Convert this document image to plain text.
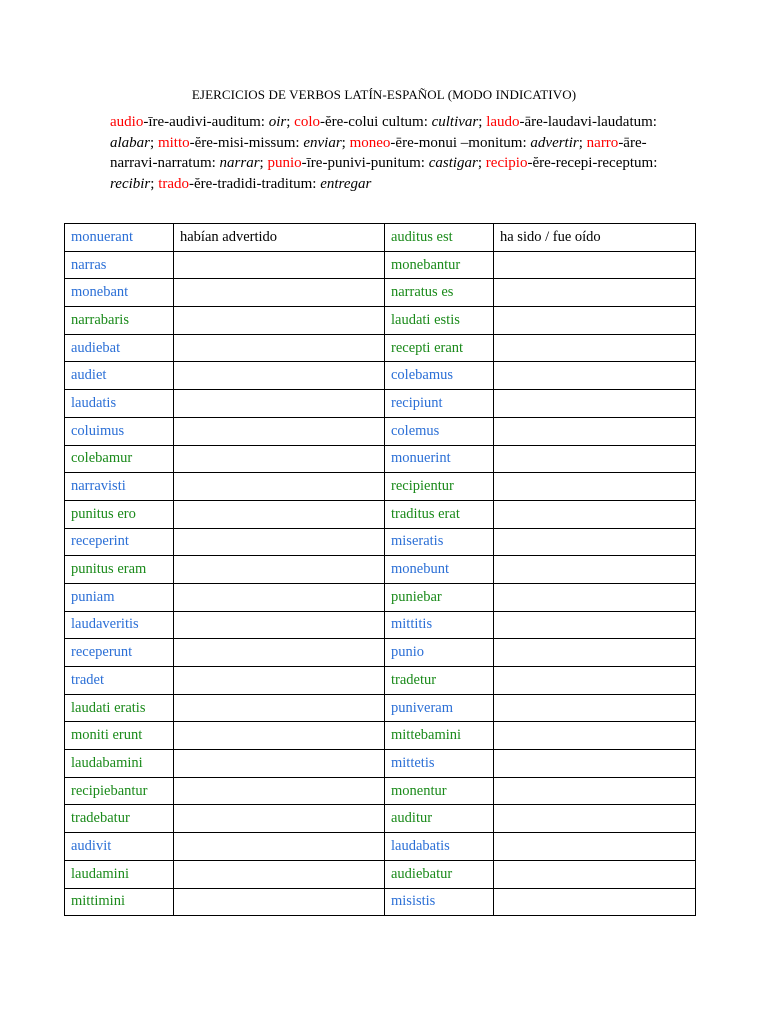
EJERCICIOS DE VERBOS LATÍN-ESPAÑOL (MODO INDICATIVO)
audio-īre-audivi-auditum: oir; colo-ĕre-colui cultum: cultivar; laudo-āre-laudavi-laudatum: alabar; mitto-ĕre-misi-missum: enviar; moneo-ēre-monui –monitum: advertir; narro-āre-narravi-narratum: narrar; punio-īre-punivi-punitum: castigar; recipio-ĕre-recepi-receptum: recibir; trado-ĕre-tradidi-traditum: entregar
monuerant	habían advertido	auditus est	ha sido / fue oído
narras		monebantur	
monebant		narratus es	
narrabaris		laudati estis	
audiebat		recepti erant	
audiet		colebamus	
laudatis		recipiunt	
coluimus		colemus	
colebamur		monuerint	
narravisti		recipientur	
punitus ero		traditus erat	
receperint		miseratis	
punitus eram		monebunt	
puniam		puniebar	
laudaveritis		mittitis	
receperunt		punio	
tradet		tradetur	
laudati eratis		puniveram	
moniti erunt		mittebamini	
laudabamini		mittetis	
recipiebantur		monentur	
tradebatur		auditur	
audivit		laudabatis	
laudamini		audiebatur	
mittimini		misistis	
